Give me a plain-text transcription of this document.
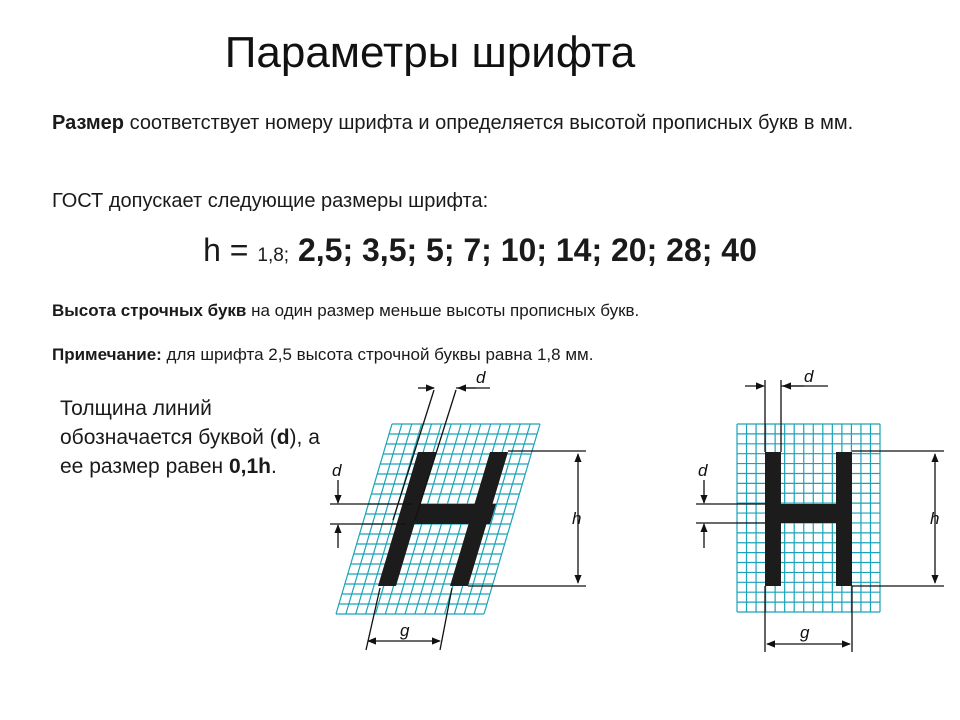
Параметры шрифта

Размер соответствует номеру шрифта и определяется высотой прописных букв в мм.

ГОСТ допускает следующие размеры шрифта:

h = 1,8; 2,5; 3,5; 5; 7; 10; 14; 20; 28; 40

Высота строчных букв на один размер меньше высоты прописных букв.

Примечание: для шрифта 2,5 высота строчной буквы равна 1,8 мм.

Толщина линий обозначается буквой (d), а ее размер равен 0,1h.

d
d
h
g
d
d
h
g
